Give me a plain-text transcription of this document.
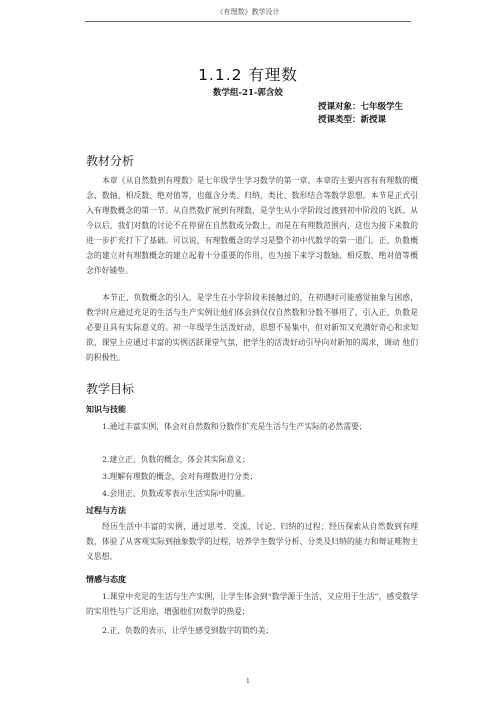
《有理数》教学设计
1.1.2 有理数
数学组-21-郭含姣
授课对象：七年级学生
授课类型：新授课
教材分析

本章《从自然数到有理数》是七年级学生学习数学的第一章。本章的主要内容有有理数的概念、数轴、相反数、绝对值等，也蕴含分类、归纳、类比、数形结合等数学思想。本节是正式引入有理数概念的第一节。从自然数扩展到有理数，是学生从小学阶段过渡到初中阶段的飞跃。从今以后，我们对数的讨论不在停留在自然数或分数上，而是在有理数范围内，这也为接下来数的进一步扩充打下了基础。可以说，有理数概念的学习是整个初中代数学的第一道门。正、负数概念的建立对有理数概念的建立起着十分重要的作用，也为接下来学习数轴、相反数、绝对值等概念作好铺垫。

本节正、负数概念的引入，是学生在小学阶段未接触过的，在初遇时可能感觉抽象与困惑，教学时应通过充足的生活与生产实例让他们体会到仅仅自然数和分数不够用了，引入正、负数是必要且具有实际意义的。初一年级学生活泼好动，思想不易集中，但对新知又充满好奇心和求知欲，课堂上应通过丰富的实例活跃课堂气氛，把学生的活泼好动引导向对新知的渴求，调动 他们的积极性。

教学目标
知识与技能

1.通过丰富实例，体会对自然数和分数作扩充是生活与生产实际的必然需要；

2.建立正、负数的概念，体会其实际意义；

3.理解有理数的概念，会对有理数进行分类；

4.会用正、负数或零表示生活实际中的量。

过程与方法

经历生活中丰富的实例，通过思考、交流、讨论、归纳的过程；经历探索从自然数到有理数，体验了从客观实际到抽象数学的过程，培养学生数学分析、分类及归纳的能力和辩证唯物主义思想。

情感与态度

1.课堂中充足的生活与生产实例，让学生体会到“数学源于生活，又应用于生活”，感受数学的实用性与广泛用途，增强他们对数学的热爱；

2.正、负数的表示，让学生感受到数字的简约美；

1
